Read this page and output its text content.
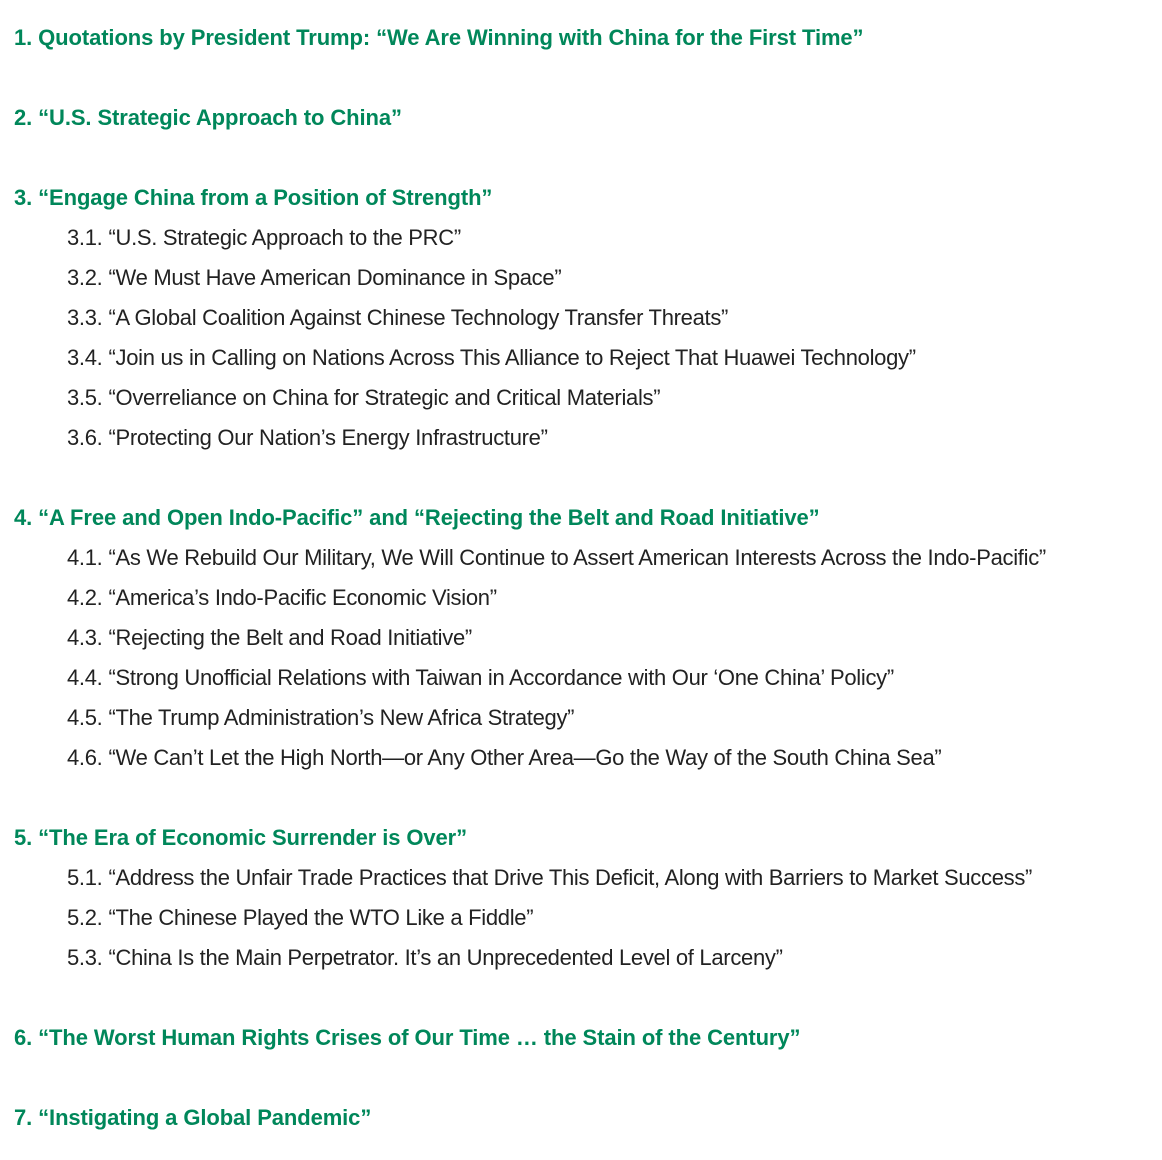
1. Quotations by President Trump: “We Are Winning with China for the First Time”
2. “U.S. Strategic Approach to China”
3. “Engage China from a Position of Strength”
3.1. “U.S. Strategic Approach to the PRC”
3.2. “We Must Have American Dominance in Space”
3.3. “A Global Coalition Against Chinese Technology Transfer Threats”
3.4. “Join us in Calling on Nations Across This Alliance to Reject That Huawei Technology”
3.5. “Overreliance on China for Strategic and Critical Materials”
3.6. “Protecting Our Nation’s Energy Infrastructure”
4. “A Free and Open Indo-Pacific” and “Rejecting the Belt and Road Initiative”
4.1. “As We Rebuild Our Military, We Will Continue to Assert American Interests Across the Indo-Pacific”
4.2. “America’s Indo-Pacific Economic Vision”
4.3. “Rejecting the Belt and Road Initiative”
4.4. “Strong Unofficial Relations with Taiwan in Accordance with Our ‘One China’ Policy”
4.5. “The Trump Administration’s New Africa Strategy”
4.6. “We Can’t Let the High North—or Any Other Area—Go the Way of the South China Sea”
5. “The Era of Economic Surrender is Over”
5.1. “Address the Unfair Trade Practices that Drive This Deficit, Along with Barriers to Market Success”
5.2. “The Chinese Played the WTO Like a Fiddle”
5.3. “China Is the Main Perpetrator. It’s an Unprecedented Level of Larceny”
6. “The Worst Human Rights Crises of Our Time … the Stain of the Century”
7. “Instigating a Global Pandemic”
